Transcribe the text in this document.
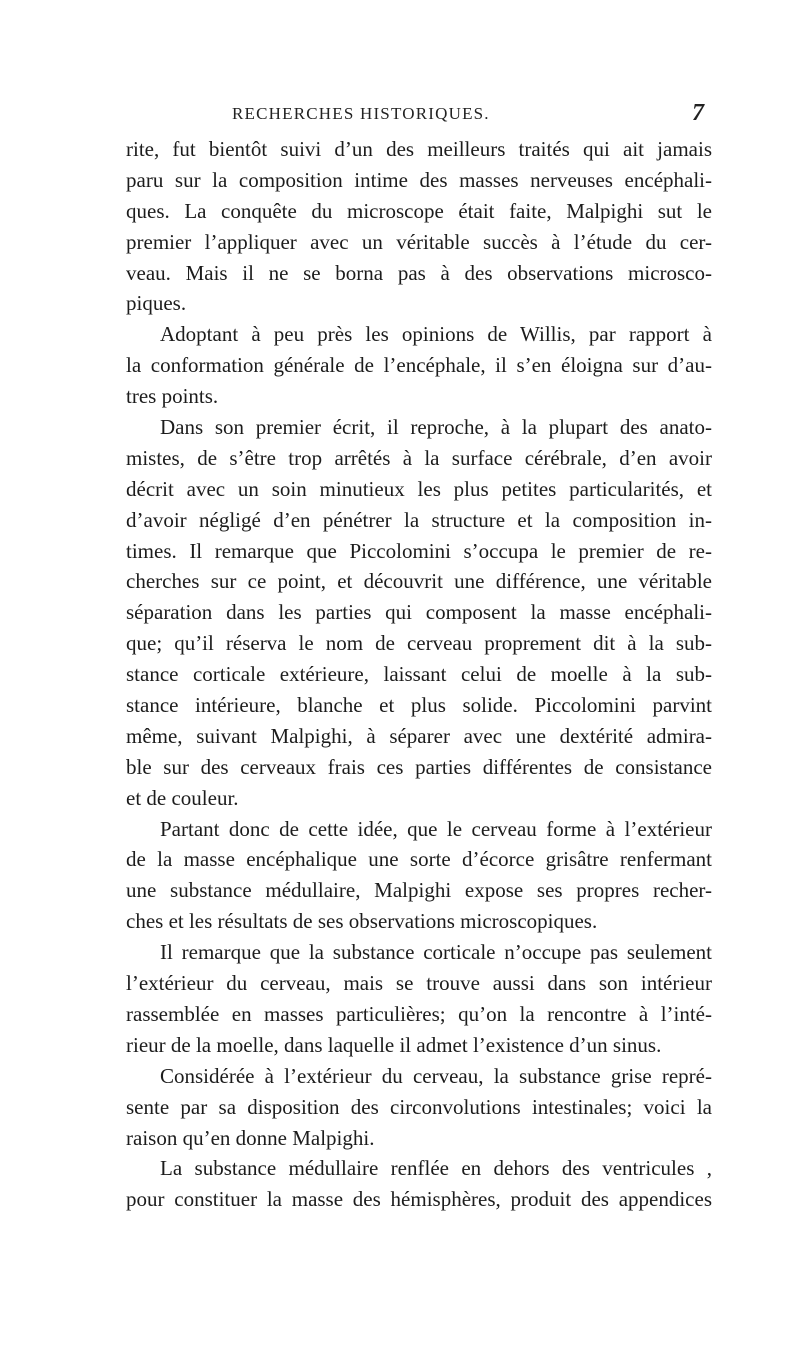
RECHERCHES HISTORIQUES.	7
rite, fut bientôt suivi d’un des meilleurs traités qui ait jamais
paru sur la composition intime des masses nerveuses encéphali-
ques. La conquête du microscope était faite, Malpighi sut le
premier l’appliquer avec un véritable succès à l’étude du cer-
veau. Mais il ne se borna pas à des observations microsco-
piques.
Adoptant à peu près les opinions de Willis, par rapport à
la conformation générale de l’encéphale, il s’en éloigna sur d’au-
tres points.
Dans son premier écrit, il reproche, à la plupart des anato-
mistes, de s’être trop arrêtés à la surface cérébrale, d’en avoir
décrit avec un soin minutieux les plus petites particularités, et
d’avoir négligé d’en pénétrer la structure et la composition in-
times. Il remarque que Piccolomini s’occupa le premier de re-
cherches sur ce point, et découvrit une différence, une véritable
séparation dans les parties qui composent la masse encéphali-
que; qu’il réserva le nom de cerveau proprement dit à la sub-
stance corticale extérieure, laissant celui de moelle à la sub-
stance intérieure, blanche et plus solide. Piccolomini parvint
même, suivant Malpighi, à séparer avec une dextérité admira-
ble sur des cerveaux frais ces parties différentes de consistance
et de couleur.
Partant donc de cette idée, que le cerveau forme à l’extérieur
de la masse encéphalique une sorte d’écorce grisâtre renfermant
une substance médullaire, Malpighi expose ses propres recher-
ches et les résultats de ses observations microscopiques.
Il remarque que la substance corticale n’occupe pas seulement
l’extérieur du cerveau, mais se trouve aussi dans son intérieur
rassemblée en masses particulières; qu’on la rencontre à l’inté-
rieur de la moelle, dans laquelle il admet l’existence d’un sinus.
Considérée à l’extérieur du cerveau, la substance grise repré-
sente par sa disposition des circonvolutions intestinales; voici la
raison qu’en donne Malpighi.
La substance médullaire renflée en dehors des ventricules ,
pour constituer la masse des hémisphères, produit des appendices
